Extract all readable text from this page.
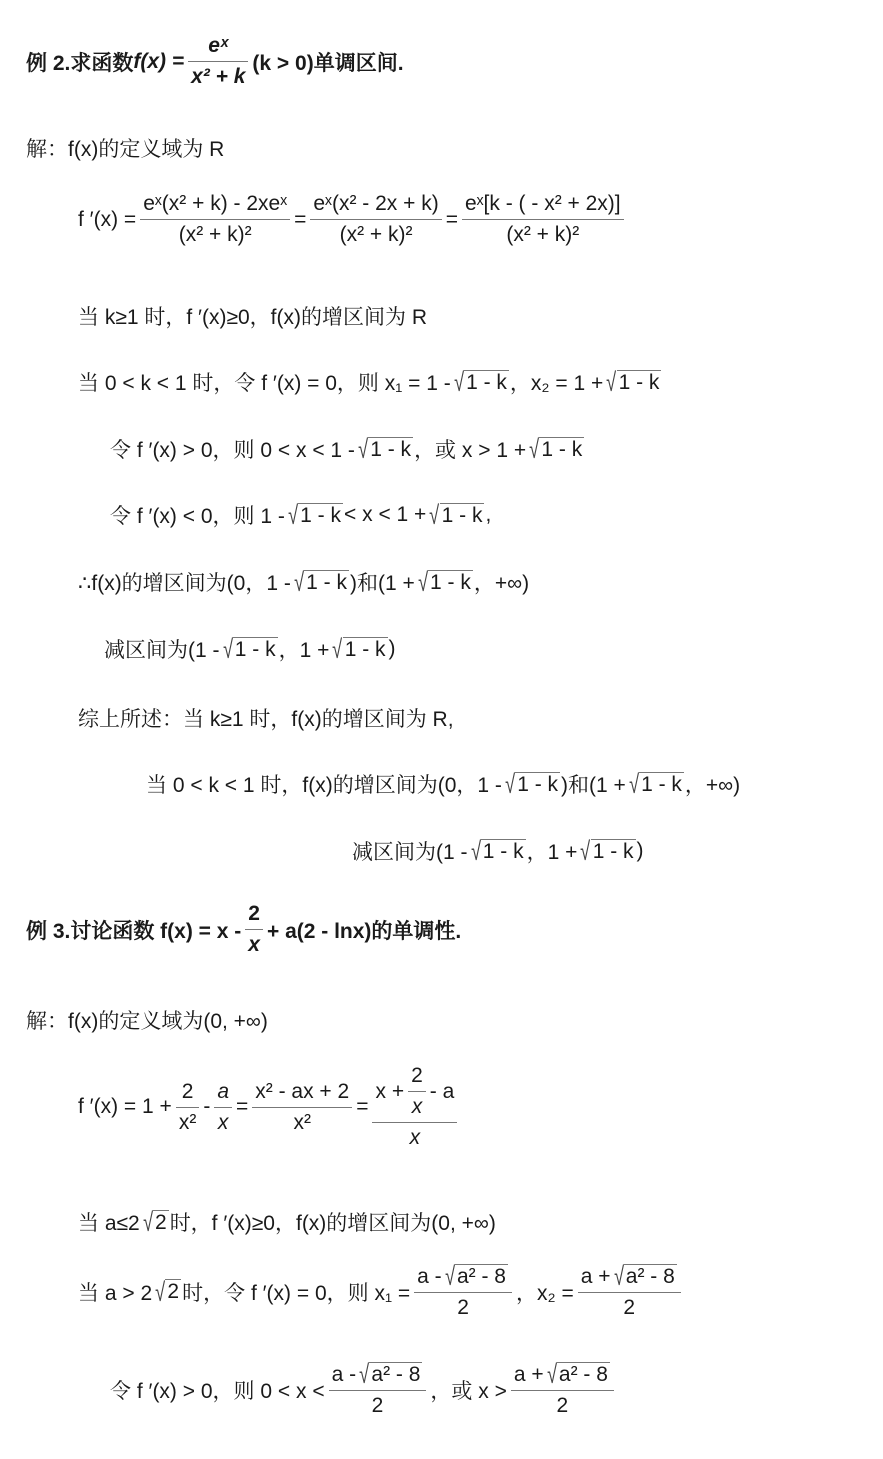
例 2.求函数 $f(x) = \frac{\text{eˣ}}{\text{x² + k}} (k > 0)$单调区间.
解：f(x)的定义域为 R
f $'(x) = \frac{\text{eˣ(x² + k) - 2xeˣ}}{\text{(x² + k)²}} = \frac{\text{eˣ(x² - 2x + k)}}{\text{(x² + k)²}} = \frac{\text{eˣ[k - ( - x² + 2x)]}}{\text{(x² + k)²}}$
当 k≥1 时，f ′(x)≥0，f(x)的增区间为 R
当 0 < k < 1 时，令 f ′(x) = 0，则 x₁ = 1 - √ 1 - k ，x₂ = 1 + √ 1 - k
令 f ′(x) > 0，则 0 < x < 1 - √ 1 - k ，或 x > 1 + √ 1 - k
令 f ′(x) < 0，则 1 - √ 1 - k < x < 1 + √ 1 - k ,
∴f(x)的增区间为(0，1 - √ 1 - k )和(1 + √ 1 - k ，+∞)
减区间为(1 - √ 1 - k ，1 + √ 1 - k )
综上所述：当 k≥1 时，f(x)的增区间为 R,
当 0 < k < 1 时，f(x)的增区间为(0，1 - √ 1 - k )和(1 + √ 1 - k ，+∞)
减区间为(1 - √ 1 - k ，1 + √ 1 - k )
例 3.讨论函数 $f(x) = x - \frac{2}{x} + a(2 - \ln x)$的单调性.
解：f(x)的定义域为(0, +∞)
f $'(x) = 1 + \frac{2}{\text{x²}} - \frac{a}{x} = \frac{\text{x² - ax + 2}}{\text{x²}} = \frac{x + \frac{2}{x} - a}{x}$
当 a≤2 √ 2 时，f ′(x)≥0，f(x)的增区间为(0, +∞)
当 a > 2 √ 2 时，令 f ′(x) = 0，则 $x_1 = \frac{\text{a - √ a² - 8}}{2}$ ，$x_2 = \frac{\text{a + √ a² - 8}}{2}$
令 f ′(x) > 0，则 $0 < x < \frac{\text{a - √ a² - 8}}{2}$ ，或 $x > \frac{\text{a + √ a² - 8}}{2}$
